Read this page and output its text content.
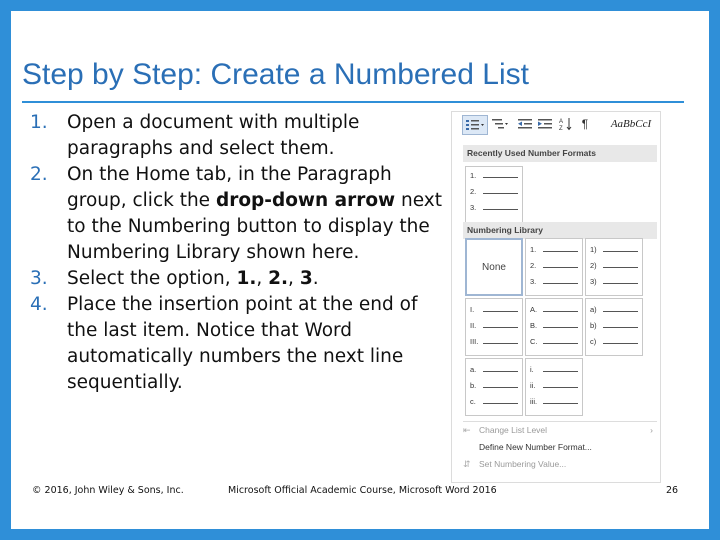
Step by Step: Create a Numbered List
1.	Open a document with multiple paragraphs and select them.
2.	On the Home tab, in the Paragraph group, click the drop-down arrow next to the Numbering button to display the Numbering Library shown here.
3.	Select the option, 1., 2., 3.
4.	Place the insertion point at the end of the last item. Notice that Word automatically numbers the next line sequentially.
A
Z	¶	AaBbCcI
Recently Used Number Formats
1.
2.
3.
Numbering Library
None
1.
2.
3.
1)
2)
3)
I.
II.
III.
A.
B.
C.
a)
b)
c)
a.
b.
c.
i.
ii.
iii.
⇤ Change List Level	›
Define New Number Format...
⇵ Set Numbering Value...
© 2016, John Wiley & Sons, Inc.	Microsoft Official Academic Course, Microsoft Word 2016	26
